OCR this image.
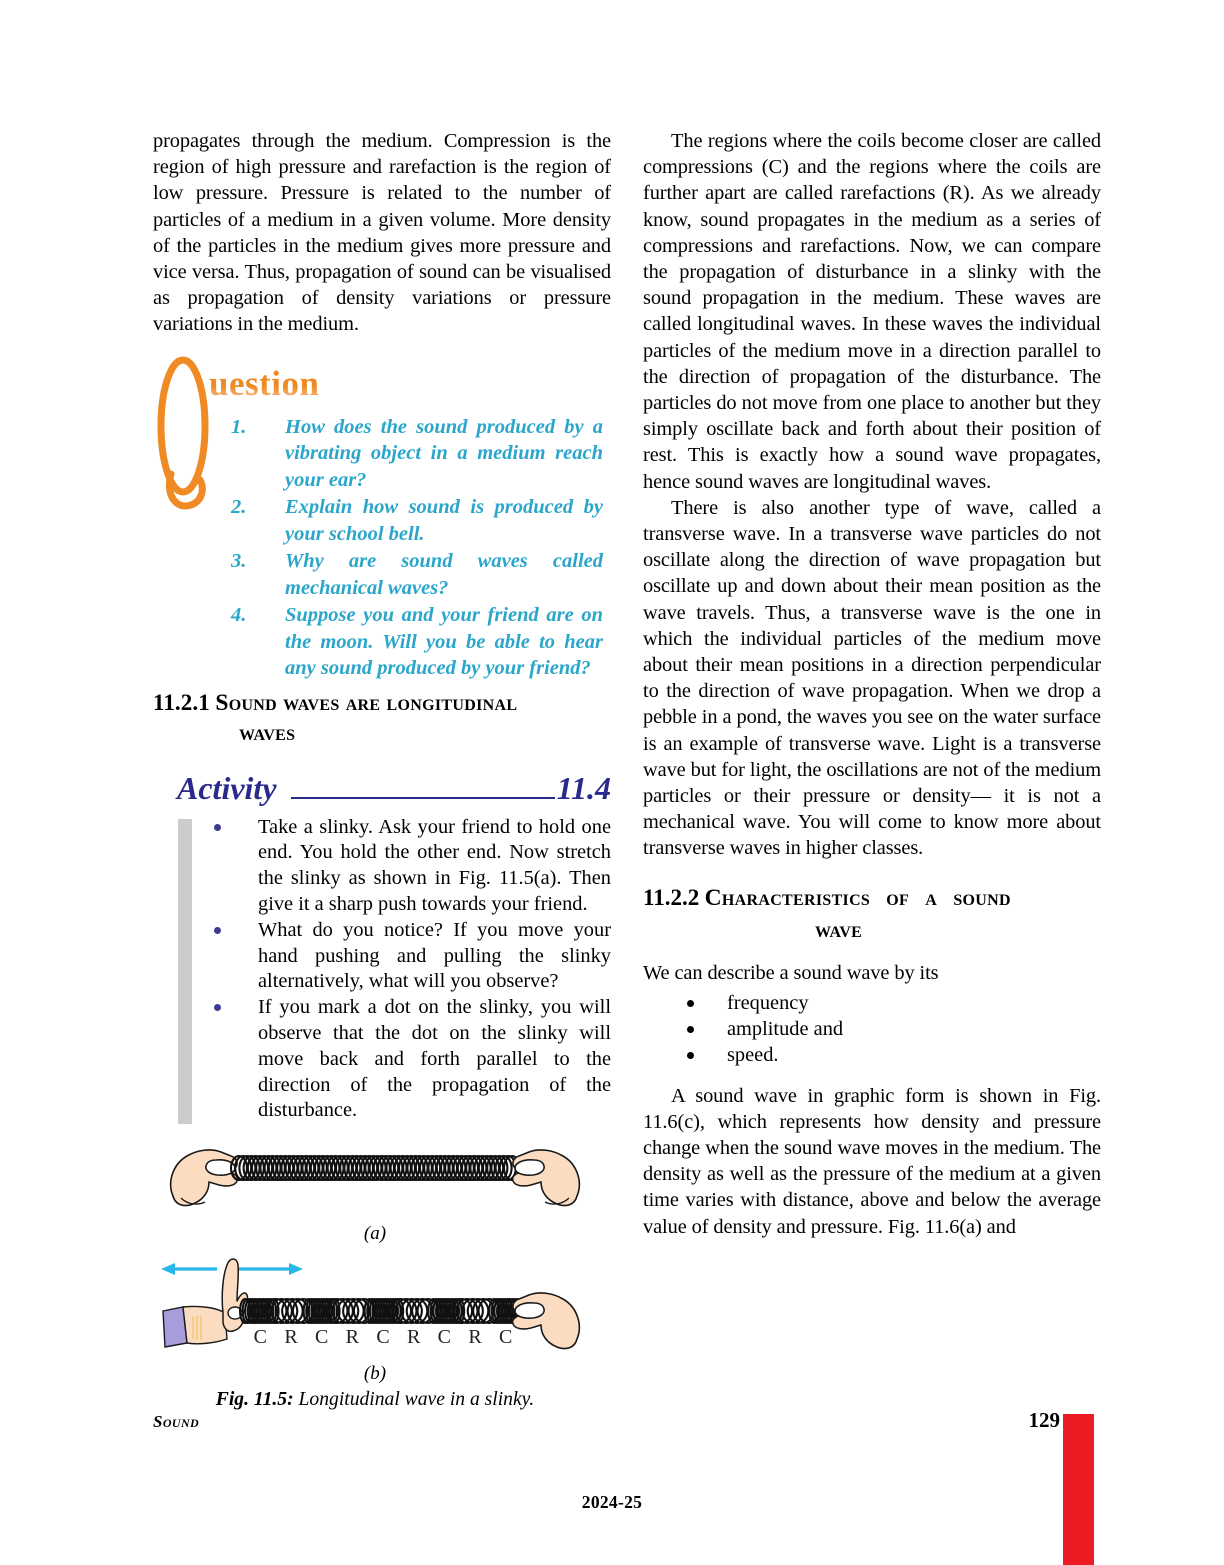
propagates through the medium. Compression is the region of high pressure and rarefaction is the region of low pressure. Pressure is related to the number of particles of a medium in a given volume. More density of the particles in the medium gives more pressure and vice versa. Thus, propagation of sound can be visualised as propagation of density variations or pressure variations in the medium.

uestion
1.	How does the sound produced by a vibrating object in a medium reach your ear?
2.	Explain how sound is produced by your school bell.
3.	Why are sound waves called mechanical waves?
4.	Suppose you and your friend are on the moon. Will you be able to hear any sound produced by your friend?
11.2.1 Sound waves are longitudinal
waves
Activity	11.4
Take a slinky. Ask your friend to hold one end. You hold the other end. Now stretch the slinky as shown in Fig. 11.5(a). Then give it a sharp push towards your friend.
What do you notice? If you move your hand pushing and pulling the slinky alternatively, what will you observe?
If you mark a dot on the slinky, you will observe that the dot on the slinky will move back and forth parallel to the direction of the propagation of the disturbance.
(a)
C R C R C R C R C
(b)
Fig. 11.5: Longitudinal wave in a slinky.

The regions where the coils become closer are called compressions (C) and the regions where the coils are further apart are called rarefactions (R). As we already know, sound propagates in the medium as a series of compressions and rarefactions. Now, we can compare the propagation of disturbance in a slinky with the sound propagation in the medium. These waves are called longitudinal waves. In these waves the individual particles of the medium move in a direction parallel to the direction of propagation of the disturbance. The particles do not move from one place to another but they simply oscillate back and forth about their position of rest. This is exactly how a sound wave propagates, hence sound waves are longitudinal waves.

There is also another type of wave, called a transverse wave. In a transverse wave particles do not oscillate along the direction of wave propagation but oscillate up and down about their mean position as the wave travels. Thus, a transverse wave is the one in which the individual particles of the medium move about their mean positions in a direction perpendicular to the direction of wave propagation. When we drop a pebble in a pond, the waves you see on the water surface is an example of transverse wave. Light is a transverse wave but for light, the oscillations are not of the medium particles or their pressure or density— it is not a mechanical wave. You will come to know more about transverse waves in higher classes.

11.2.2 Characteristics of a sound
wave

We can describe a sound wave by its

frequency
amplitude and
speed.

A sound wave in graphic form is shown in Fig. 11.6(c), which represents how density and pressure change when the sound wave moves in the medium. The density as well as the pressure of the medium at a given time varies with distance, above and below the average value of density and pressure. Fig. 11.6(a) and

Sound	129
2024-25
